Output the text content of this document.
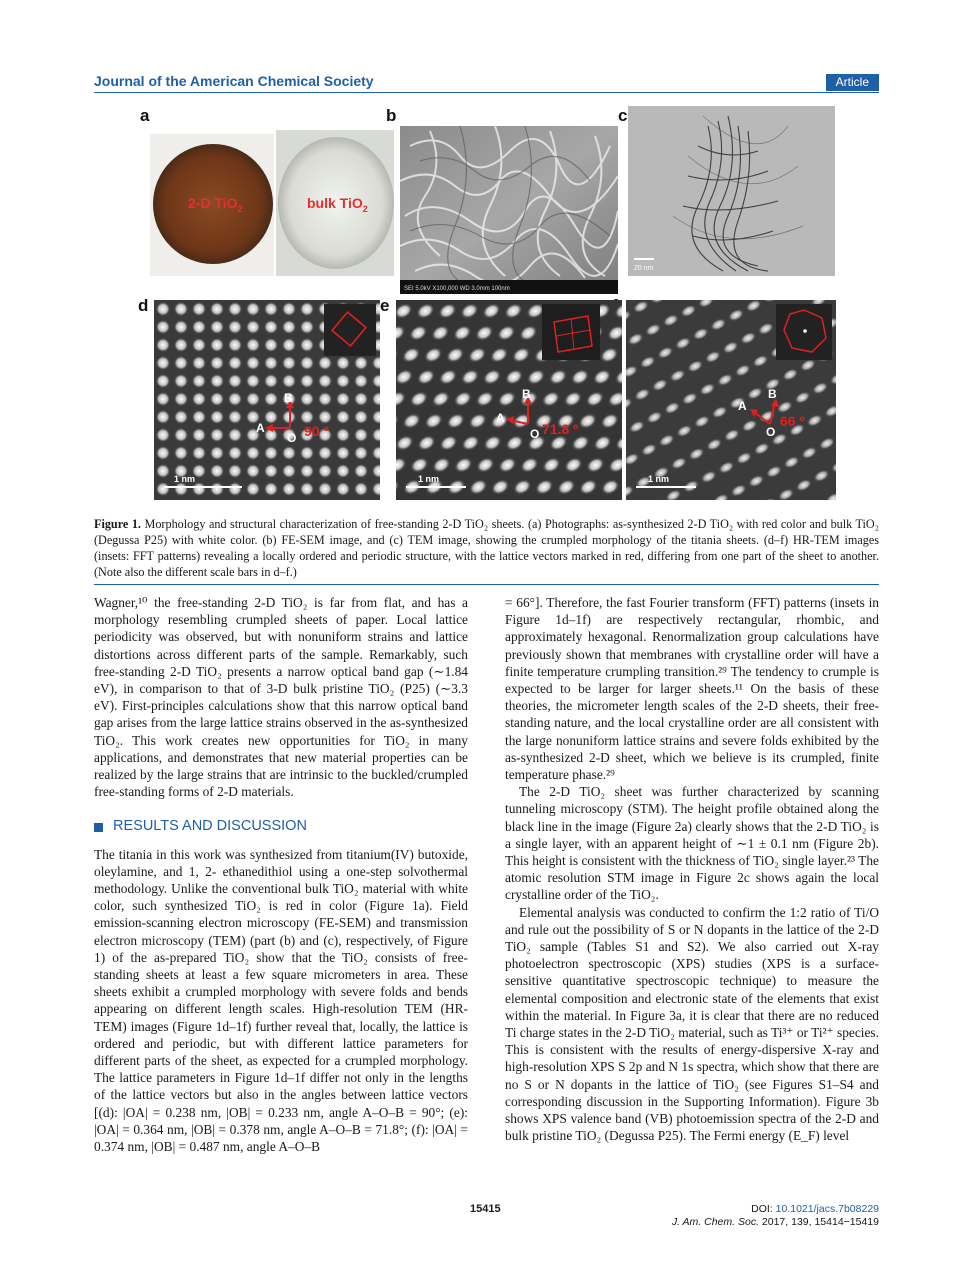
Journal of the American Chemical Society	Article
a	b	c
d	e
2-D TiO$_2$	bulk TiO$_2$
SEI 5.0kV X100,000 WD 3.0mm 100nm
20 nm
B
A
O 90 º
1 nm
B
A
O 71.8 º
1 nm
B
A
O
66 º
1 nm
Figure 1. Morphology and structural characterization of free-standing 2-D TiO₂ sheets. (a) Photographs: as-synthesized 2-D TiO₂ with red color and bulk TiO₂ (Degussa P25) with white color. (b) FE-SEM image, and (c) TEM image, showing the crumpled morphology of the titania sheets. (d–f) HR-TEM images (insets: FFT patterns) revealing a locally ordered and periodic structure, with the lattice vectors marked in red, differing from one part of the sheet to another. (Note also the different scale bars in d–f.)

Wagner,¹⁰ the free-standing 2-D TiO₂ is far from flat, and has a morphology resembling crumpled sheets of paper. Local lattice periodicity was observed, but with nonuniform strains and lattice distortions across different parts of the sample. Remarkably, such free-standing 2-D TiO₂ presents a narrow optical band gap (∼1.84 eV), in comparison to that of 3-D bulk pristine TiO₂ (P25) (∼3.3 eV). First-principles calculations show that this narrow optical band gap arises from the large lattice strains observed in the as-synthesized TiO₂. This work creates new opportunities for TiO₂ in many applications, and demonstrates that new material properties can be realized by the large strains that are intrinsic to the buckled/crumpled free-standing forms of 2-D materials.

RESULTS AND DISCUSSION

The titania in this work was synthesized from titanium(IV) butoxide, oleylamine, and 1, 2- ethanedithiol using a one-step solvothermal methodology. Unlike the conventional bulk TiO₂ material with white color, such synthesized TiO₂ is red in color (Figure 1a). Field emission-scanning electron microscopy (FE-SEM) and transmission electron microscopy (TEM) (part (b) and (c), respectively, of Figure 1) of the as-prepared TiO₂ show that the TiO₂ consists of free-standing sheets at least a few square micrometers in area. These sheets exhibit a crumpled morphology with severe folds and bends appearing on different length scales. High-resolution TEM (HR-TEM) images (Figure 1d–1f) further reveal that, locally, the lattice is ordered and periodic, but with different lattice parameters for different parts of the sheet, as expected for a crumpled morphology. The lattice parameters in Figure 1d–1f differ not only in the lengths of the lattice vectors but also in the angles between lattice vectors [(d): |OA| = 0.238 nm, |OB| = 0.233 nm, angle A–O–B = 90°; (e): |OA| = 0.364 nm, |OB| = 0.378 nm, angle A–O–B = 71.8°; (f): |OA| = 0.374 nm, |OB| = 0.487 nm, angle A–O–B

= 66°]. Therefore, the fast Fourier transform (FFT) patterns (insets in Figure 1d–1f) are respectively rectangular, rhombic, and approximately hexagonal. Renormalization group calculations have previously shown that membranes with crystalline order will have a finite temperature crumpling transition.²⁹ The tendency to crumple is expected to be larger for larger sheets.¹¹ On the basis of these theories, the micrometer length scales of the 2-D sheets, their free-standing nature, and the local crystalline order are all consistent with the large nonuniform lattice strains and severe folds exhibited by the as-synthesized 2-D sheet, which we believe is its crumpled, finite temperature phase.²⁹

The 2-D TiO₂ sheet was further characterized by scanning tunneling microscopy (STM). The height profile obtained along the black line in the image (Figure 2a) clearly shows that the 2-D TiO₂ is a single layer, with an apparent height of ∼1 ± 0.1 nm (Figure 2b). This height is consistent with the thickness of TiO₂ single layer.²³ The atomic resolution STM image in Figure 2c shows again the local crystalline order of the TiO₂.

Elemental analysis was conducted to confirm the 1:2 ratio of Ti/O and rule out the possibility of S or N dopants in the lattice of the 2-D TiO₂ sample (Tables S1 and S2). We also carried out X-ray photoelectron spectroscopic (XPS) studies (XPS is a surface-sensitive quantitative spectroscopic technique) to measure the elemental composition and electronic state of the elements that exist within the material. In Figure 3a, it is clear that there are no reduced Ti charge states in the 2-D TiO₂ material, such as Ti³⁺ or Ti²⁺ species. This is consistent with the results of energy-dispersive X-ray and high-resolution XPS S 2p and N 1s spectra, which show that there are no S or N dopants in the lattice of TiO₂ (see Figures S1–S4 and corresponding discussion in the Supporting Information). Figure 3b shows XPS valence band (VB) photoemission spectra of the 2-D and bulk pristine TiO₂ (Degussa P25). The Fermi energy (E_F) level

15415	DOI: 10.1021/jacs.7b08229
J. Am. Chem. Soc. 2017, 139, 15414−15419
